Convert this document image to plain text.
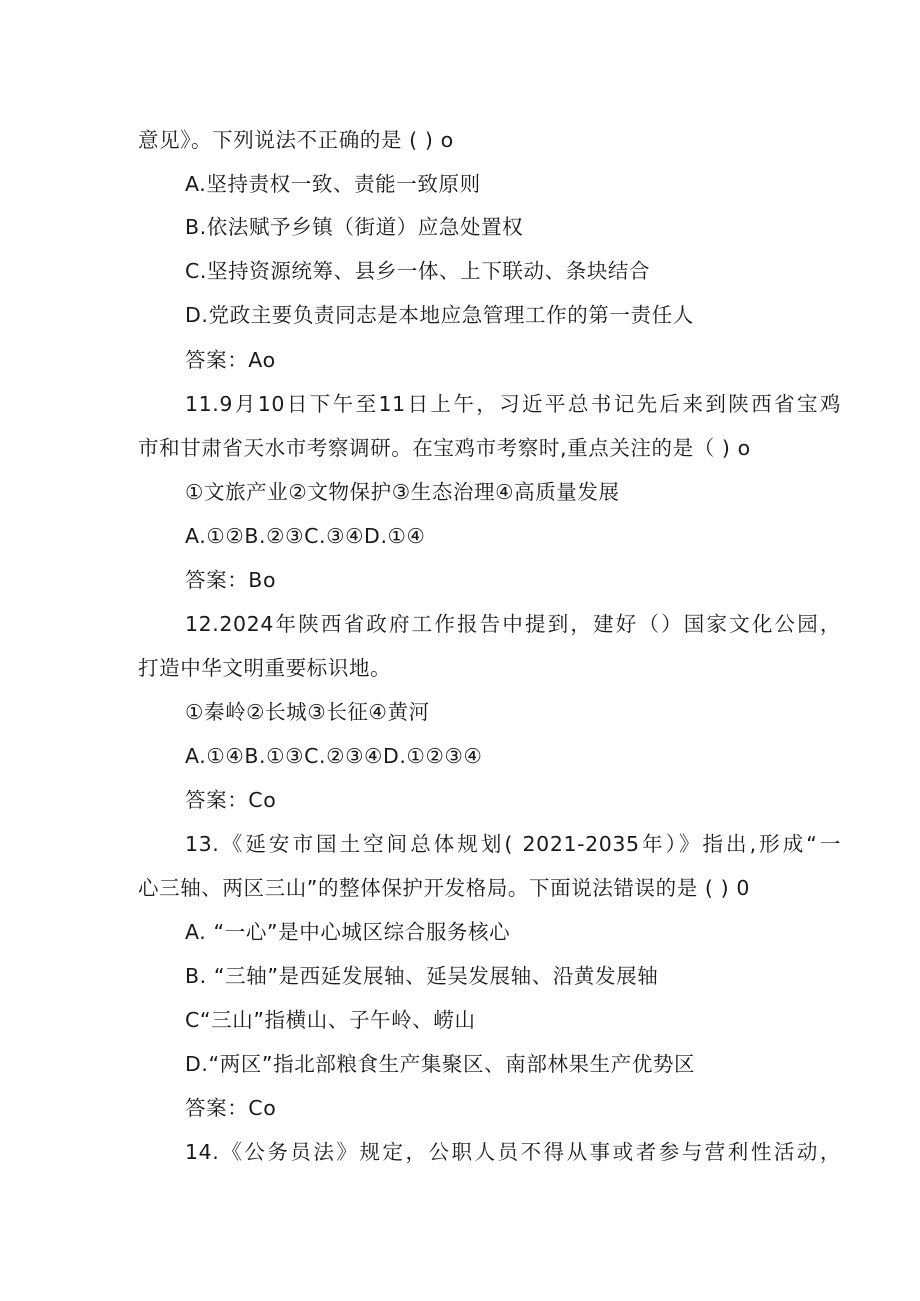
意见》。下列说法不正确的是 ( ) o
A.坚持责权一致、责能一致原则
B.依法赋予乡镇（街道）应急处置权
C.坚持资源统筹、县乡一体、上下联动、条块结合
D.党政主要负责同志是本地应急管理工作的第一责任人
答案：Ao
11.9月10日下午至11日上午，习近平总书记先后来到陕西省宝鸡
市和甘肃省天水市考察调研。在宝鸡市考察时,重点关注的是（ ) o
①文旅产业②文物保护③生态治理④高质量发展
A.①②B.②③C.③④D.①④
答案：Bo
12.2024年陕西省政府工作报告中提到，建好（）国家文化公园，
打造中华文明重要标识地。
①秦岭②长城③长征④黄河
A.①④B.①③C.②③④D.①②③④
答案：Co
13.《延安市国土空间总体规划( 2021-2035年）》指出,形成“一
心三轴、两区三山”的整体保护开发格局。下面说法错误的是 ( ) 0
A. “一心”是中心城区综合服务核心
B. “三轴”是西延发展轴、延吴发展轴、沿黄发展轴
C“三山”指横山、子午岭、崂山
D.“两区”指北部粮食生产集聚区、南部林果生产优势区
答案：Co
14.《公务员法》规定，公职人员不得从事或者参与营利性活动，
